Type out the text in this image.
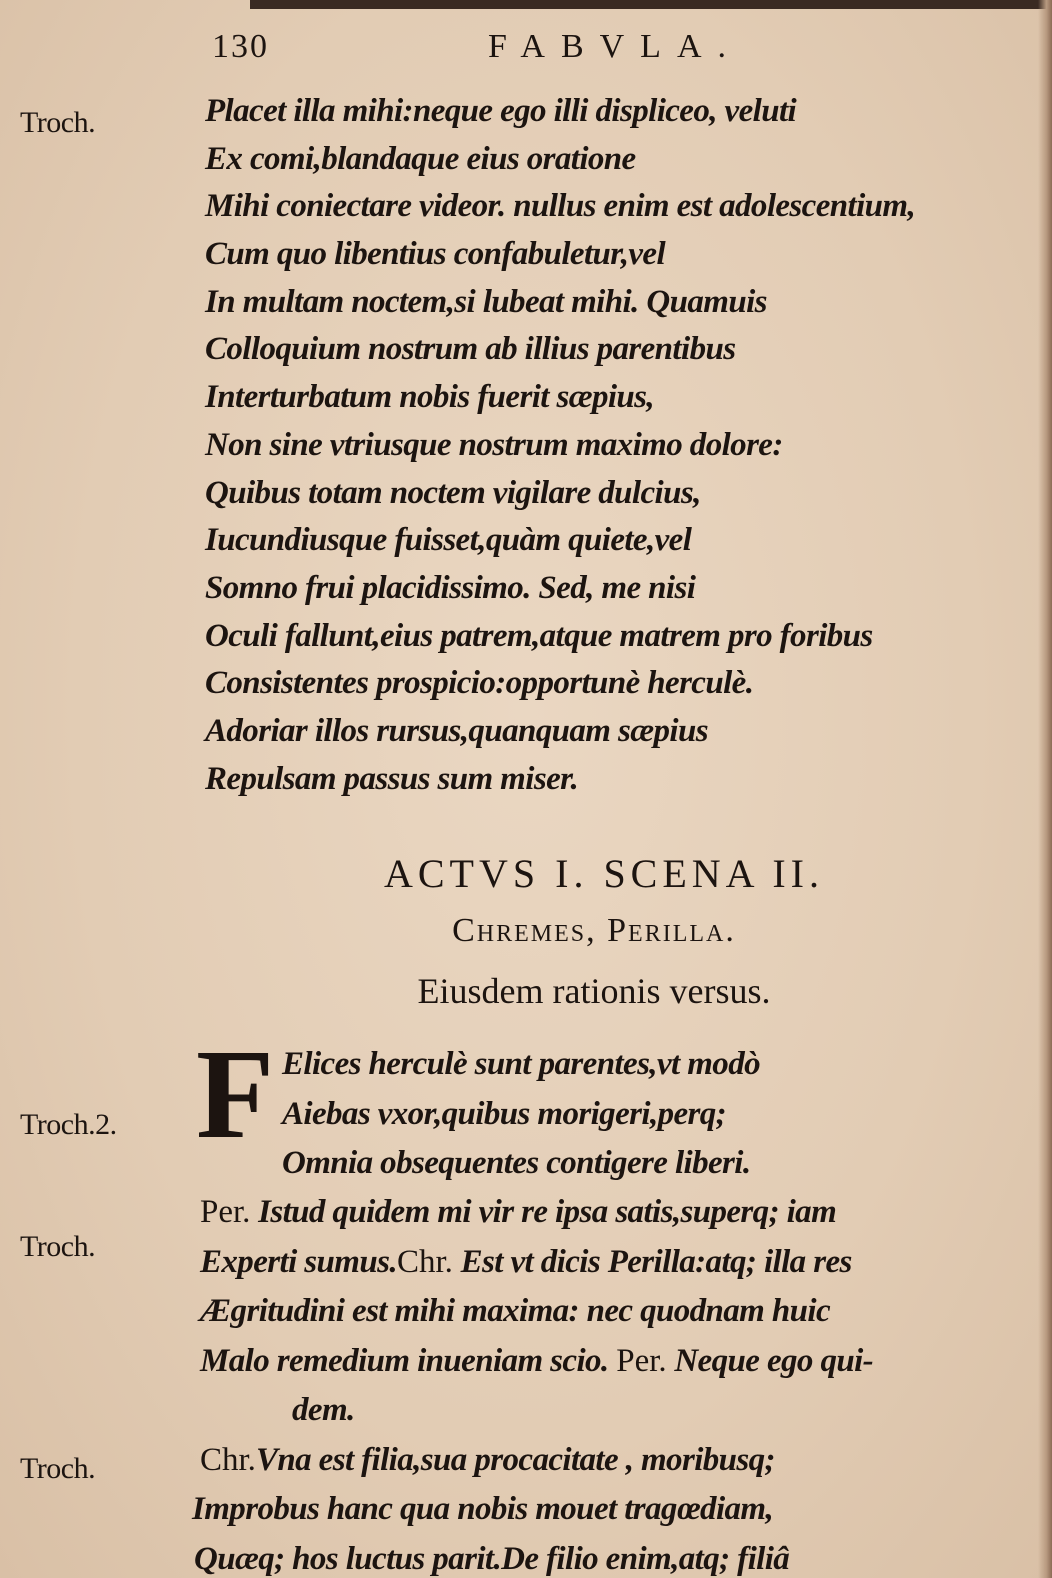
130	FABVLA.
Troch.
Troch.2.
Troch.
Troch.
Placet illa mihi:neque ego illi displiceo, veluti
Ex comi,blandaque eius oratione
Mihi coniectare videor. nullus enim est adolescentium,
Cum quo libentius confabuletur,vel
In multam noctem,si lubeat mihi. Quamuis
Colloquium nostrum ab illius parentibus
Interturbatum nobis fuerit sæpius,
Non sine vtriusque nostrum maximo dolore:
Quibus totam noctem vigilare dulcius,
Iucundiusque fuisset,quàm quiete,vel
Somno frui placidissimo. Sed, me nisi
Oculi fallunt,eius patrem,atque matrem pro foribus
Consistentes prospicio:opportunè herculè.
Adoriar illos rursus,quanquam sæpius
Repulsam passus sum miser.
ACTVS I. SCENA II.
Chremes, Perilla.
Eiusdem rationis versus.
F Elices herculè sunt parentes,vt modò
Aiebas vxor,quibus morigeri,perq;
Omnia obsequentes contigere liberi.
Per. Istud quidem mi vir re ipsa satis,superq; iam
Experti sumus.Chr. Est vt dicis Perilla:atq; illa res
Ægritudini est mihi maxima: nec quodnam huic
Malo remedium inueniam scio. Per. Neque ego qui-
dem.
Chr.Vna est filia,sua procacitate , moribusq;
Improbus hanc qua nobis mouet tragœdiam,
Quæq; hos luctus parit.De filio enim,atq; filiâ
